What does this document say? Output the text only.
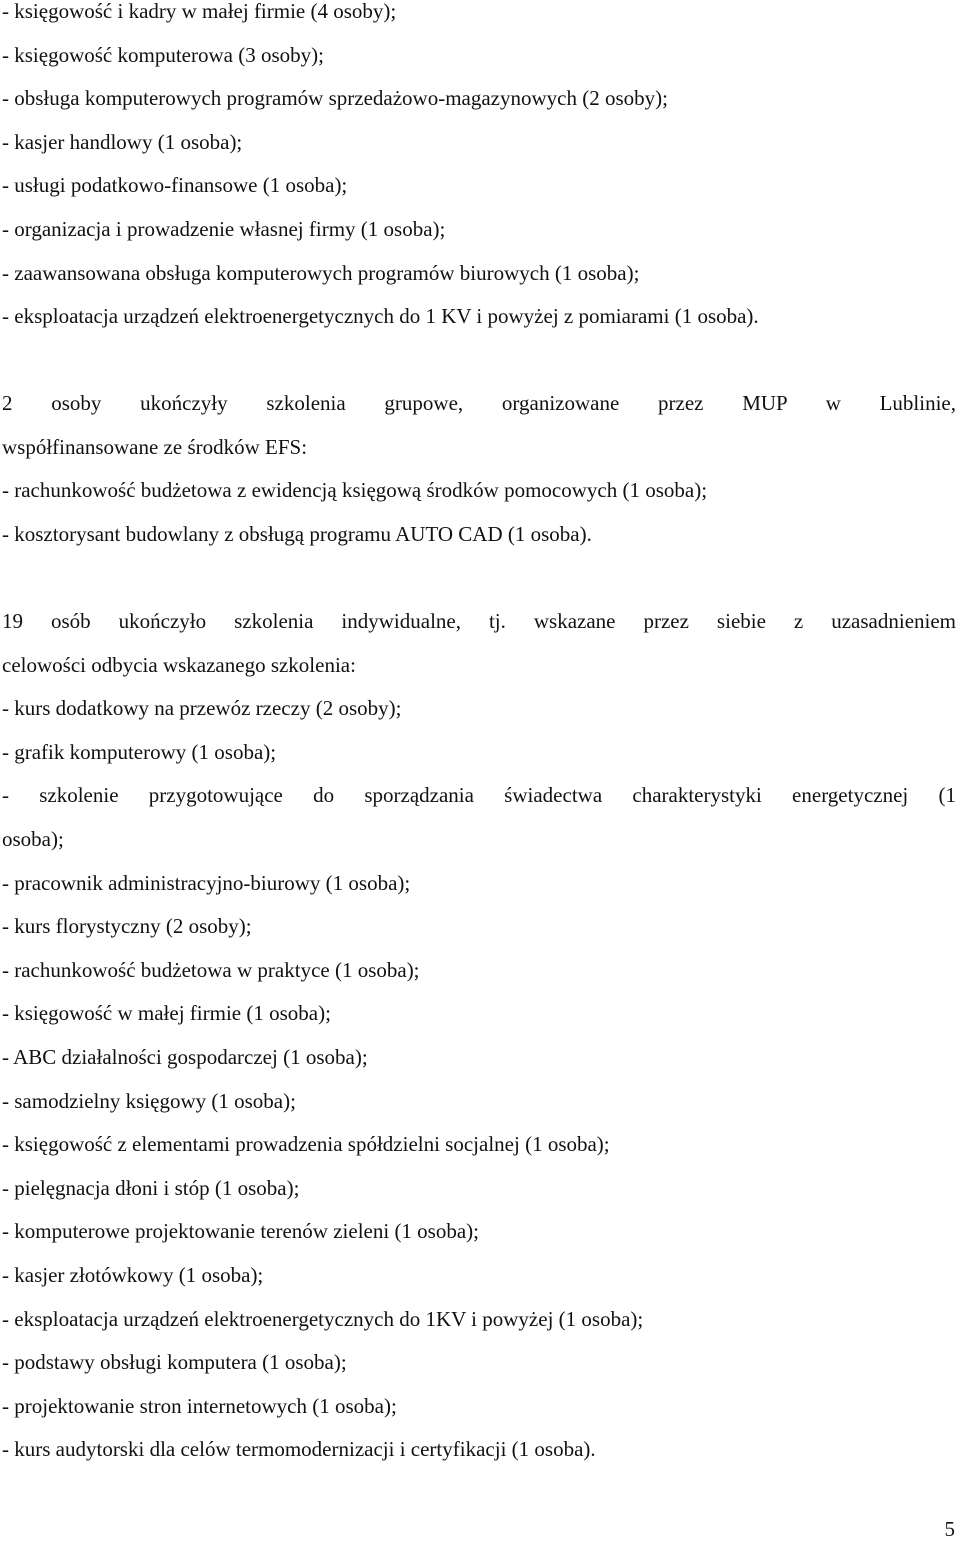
- księgowość i kadry w małej firmie (4 osoby);
- księgowość komputerowa (3 osoby);
- obsługa komputerowych programów sprzedażowo-magazynowych (2 osoby);
- kasjer handlowy (1 osoba);
- usługi podatkowo-finansowe (1 osoba);
- organizacja i prowadzenie własnej firmy (1 osoba);
- zaawansowana obsługa komputerowych programów biurowych (1 osoba);
- eksploatacja urządzeń elektroenergetycznych do 1 KV i powyżej z pomiarami (1 osoba).
2 osoby ukończyły szkolenia grupowe, organizowane przez MUP w Lublinie,
współfinansowane ze środków EFS:
- rachunkowość budżetowa z ewidencją księgową środków pomocowych (1 osoba);
- kosztorysant budowlany z obsługą programu AUTO CAD (1 osoba).
19 osób ukończyło szkolenia indywidualne, tj. wskazane przez siebie z uzasadnieniem
celowości odbycia wskazanego szkolenia:
- kurs dodatkowy na przewóz rzeczy (2 osoby);
- grafik komputerowy (1 osoba);
- szkolenie przygotowujące do sporządzania świadectwa charakterystyki energetycznej (1
osoba);
- pracownik administracyjno-biurowy (1 osoba);
- kurs florystyczny (2 osoby);
- rachunkowość budżetowa w praktyce (1 osoba);
- księgowość w małej firmie (1 osoba);
- ABC działalności gospodarczej (1 osoba);
- samodzielny księgowy (1 osoba);
- księgowość z elementami prowadzenia spółdzielni socjalnej (1 osoba);
- pielęgnacja dłoni i stóp (1 osoba);
- komputerowe projektowanie terenów zieleni (1 osoba);
- kasjer złotówkowy (1 osoba);
- eksploatacja urządzeń elektroenergetycznych do 1KV i powyżej (1 osoba);
- podstawy obsługi komputera (1 osoba);
- projektowanie stron internetowych (1 osoba);
- kurs audytorski dla celów termomodernizacji i certyfikacji (1 osoba).
5
